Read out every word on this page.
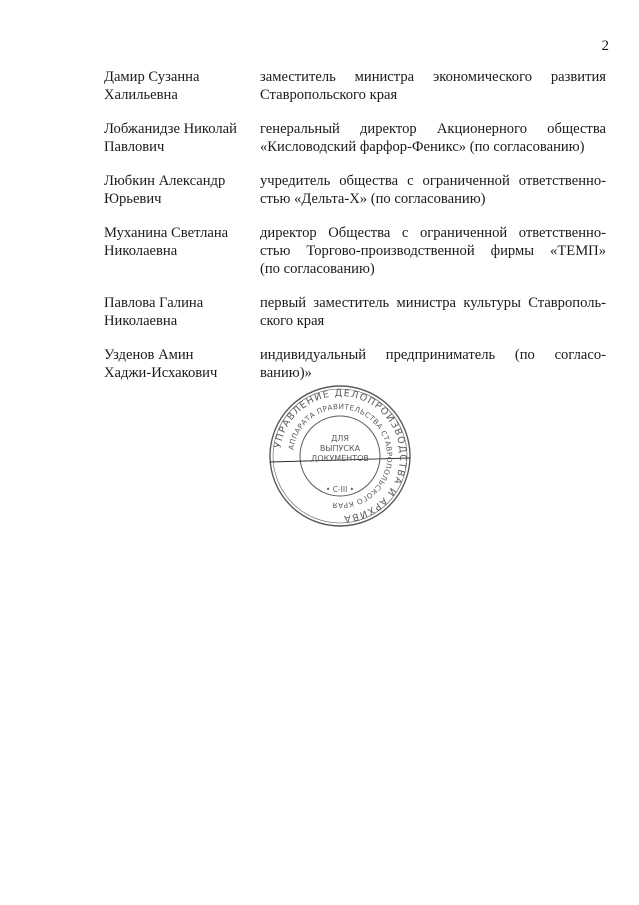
2
Дамир Сузанна
Халильевна
заместитель министра экономического развития
Ставропольского края
Лобжанидзе Николай
Павлович
генеральный директор Акционерного общества
«Кисловодский фарфор-Феникс» (по согласованию)
Любкин Александр
Юрьевич
учредитель общества с ограниченной ответственно-
стью «Дельта-Х» (по согласованию)
Муханина Светлана
Николаевна
директор Общества с ограниченной ответственно-
стью Торгово-производственной фирмы «ТЕМП»
(по согласованию)
Павлова Галина
Николаевна
первый заместитель министра культуры Ставрополь-
ского края
Узденов Амин
Хаджи-Исхакович
индивидуальный предприниматель (по согласо-
ванию)»
УПРАВЛЕНИЕ ДЕЛОПРОИЗВОДСТВА И АРХИВА
АППАРАТА ПРАВИТЕЛЬСТВА СТАВРОПОЛЬСКОГО КРАЯ
ДЛЯ
ВЫПУСКА
ДОКУМЕНТОВ
• С-III •
